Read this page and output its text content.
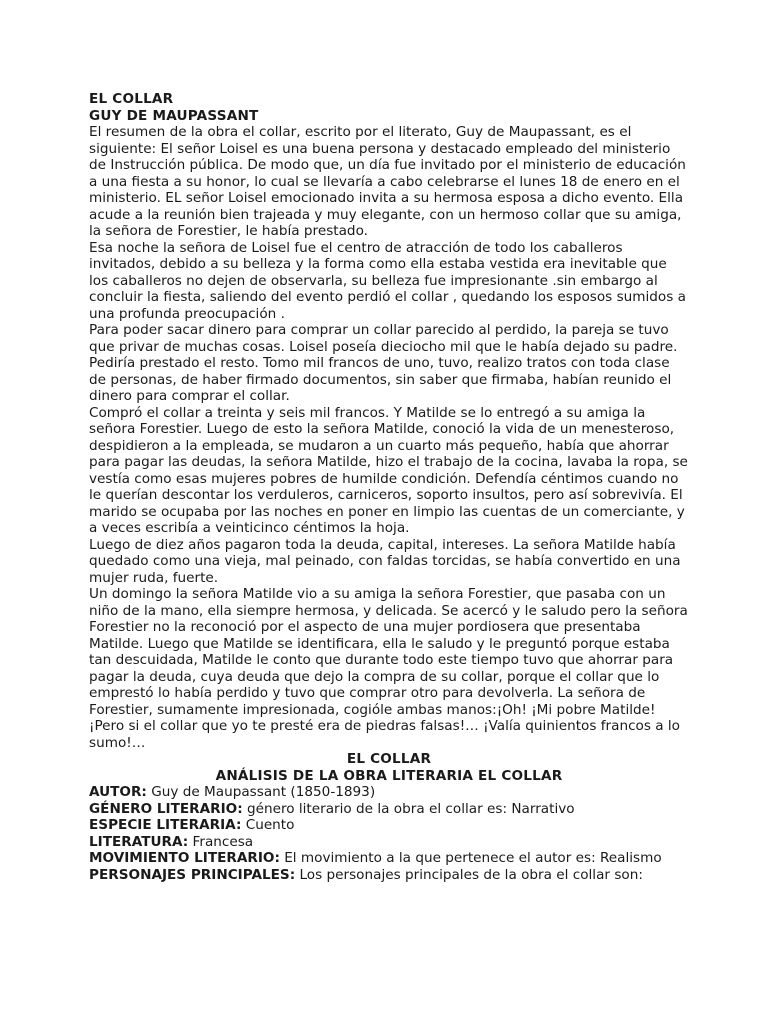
EL COLLAR

GUY DE MAUPASSANT

El resumen de la obra el collar, escrito por el literato, Guy de Maupassant, es el siguiente: El señor Loisel es una buena persona y destacado empleado del ministerio de Instrucción pública. De modo que, un día fue invitado por el ministerio de educación a una fiesta a su honor, lo cual se llevaría a cabo celebrarse el lunes 18 de enero en el ministerio. EL señor Loisel emocionado invita a su hermosa esposa a dicho evento. Ella acude a la reunión bien trajeada y muy elegante, con un hermoso collar que su amiga, la señora de Forestier, le había prestado.

Esa noche la señora de Loisel fue el centro de atracción de todo los caballeros invitados, debido a su belleza y la forma como ella estaba vestida era inevitable que los caballeros no dejen de observarla, su belleza fue impresionante .sin embargo al concluir la fiesta, saliendo del evento perdió el collar , quedando los esposos sumidos a una profunda preocupación .

Para poder sacar dinero para comprar un collar parecido al perdido, la pareja se tuvo que privar de muchas cosas. Loisel poseía dieciocho mil que le había dejado su padre. Pediría prestado el resto. Tomo mil francos de uno, tuvo, realizo tratos con toda clase de personas, de haber firmado documentos, sin saber que firmaba, habían reunido el dinero para comprar el collar.

Compró el collar a treinta y seis mil francos. Y Matilde se lo entregó a su amiga la señora Forestier. Luego de esto la señora Matilde, conoció la vida de un menesteroso, despidieron a la empleada, se mudaron a un cuarto más pequeño, había que ahorrar para pagar las deudas, la señora Matilde, hizo el trabajo de la cocina, lavaba la ropa, se vestía como esas mujeres pobres de humilde condición. Defendía céntimos cuando no le querían descontar los verduleros, carniceros, soporto insultos, pero así sobrevivía. El marido se ocupaba por las noches en poner en limpio las cuentas de un comerciante, y a veces escribía a veinticinco céntimos la hoja.

Luego de diez años pagaron toda la deuda, capital, intereses. La señora Matilde había quedado como una vieja, mal peinado, con faldas torcidas, se había convertido en una mujer ruda, fuerte.

Un domingo la señora Matilde vio a su amiga la señora Forestier, que pasaba con un niño de la mano, ella siempre hermosa, y delicada. Se acercó y le saludo pero la señora Forestier no la reconoció por el aspecto de una mujer pordiosera que presentaba Matilde. Luego que Matilde se identificara, ella le saludo y le preguntó porque estaba tan descuidada, Matilde le conto que durante todo este tiempo tuvo que ahorrar para pagar la deuda, cuya deuda que dejo la compra de su collar, porque el collar que lo emprestó lo había perdido y tuvo que comprar otro para devolverla. La señora de Forestier, sumamente impresionada, cogióle ambas manos:¡Oh! ¡Mi pobre Matilde! ¡Pero si el collar que yo te presté era de piedras falsas!… ¡Valía quinientos francos a lo sumo!…

EL COLLAR

ANÁLISIS DE LA OBRA LITERARIA EL COLLAR

AUTOR: Guy de Maupassant (1850-1893)

GÉNERO LITERARIO: género literario de la obra el collar es: Narrativo

ESPECIE LITERARIA: Cuento

LITERATURA: Francesa

MOVIMIENTO LITERARIO: El movimiento a la que pertenece el autor es: Realismo

PERSONAJES PRINCIPALES: Los personajes principales de la obra el collar son:
